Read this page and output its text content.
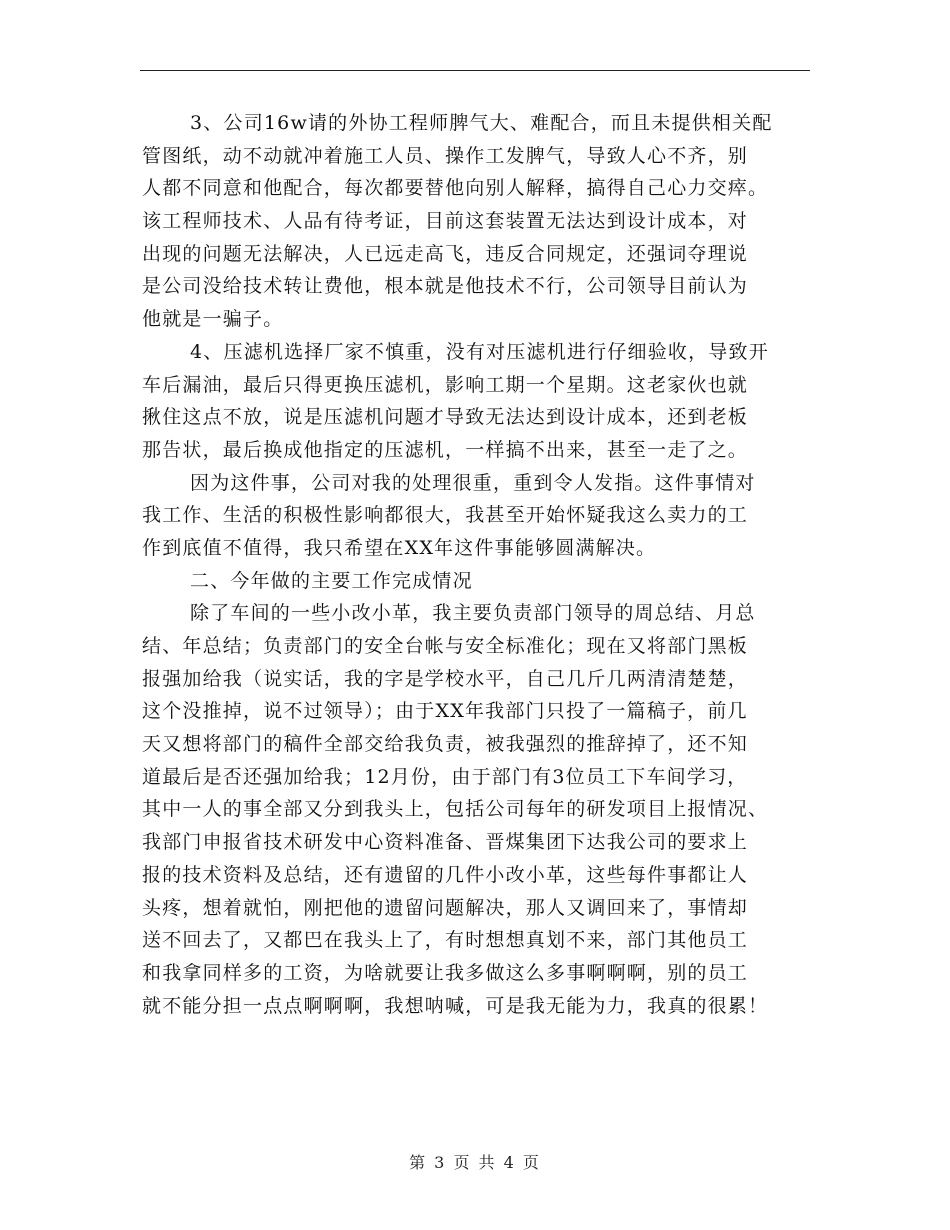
3、公司16w请的外协工程师脾气大、难配合，而且未提供相关配
管图纸，动不动就冲着施工人员、操作工发脾气，导致人心不齐，别
人都不同意和他配合，每次都要替他向别人解释，搞得自己心力交瘁。
该工程师技术、人品有待考证，目前这套装置无法达到设计成本，对
出现的问题无法解决，人已远走高飞，违反合同规定，还强词夺理说
是公司没给技术转让费他，根本就是他技术不行，公司领导目前认为
他就是一骗子。
4、压滤机选择厂家不慎重，没有对压滤机进行仔细验收，导致开
车后漏油，最后只得更换压滤机，影响工期一个星期。这老家伙也就
揪住这点不放，说是压滤机问题才导致无法达到设计成本，还到老板
那告状，最后换成他指定的压滤机，一样搞不出来，甚至一走了之。
因为这件事，公司对我的处理很重，重到令人发指。这件事情对
我工作、生活的积极性影响都很大，我甚至开始怀疑我这么卖力的工
作到底值不值得，我只希望在XX年这件事能够圆满解决。
二、今年做的主要工作完成情况
除了车间的一些小改小革，我主要负责部门领导的周总结、月总
结、年总结；负责部门的安全台帐与安全标准化；现在又将部门黑板
报强加给我（说实话，我的字是学校水平，自己几斤几两清清楚楚，
这个没推掉，说不过领导）；由于XX年我部门只投了一篇稿子，前几
天又想将部门的稿件全部交给我负责，被我强烈的推辞掉了，还不知
道最后是否还强加给我；12月份，由于部门有3位员工下车间学习，
其中一人的事全部又分到我头上，包括公司每年的研发项目上报情况、
我部门申报省技术研发中心资料准备、晋煤集团下达我公司的要求上
报的技术资料及总结，还有遗留的几件小改小革，这些每件事都让人
头疼，想着就怕，刚把他的遗留问题解决，那人又调回来了，事情却
送不回去了，又都巴在我头上了，有时想想真划不来，部门其他员工
和我拿同样多的工资，为啥就要让我多做这么多事啊啊啊，别的员工
就不能分担一点点啊啊啊，我想呐喊，可是我无能为力，我真的很累！
第 3 页 共 4 页
